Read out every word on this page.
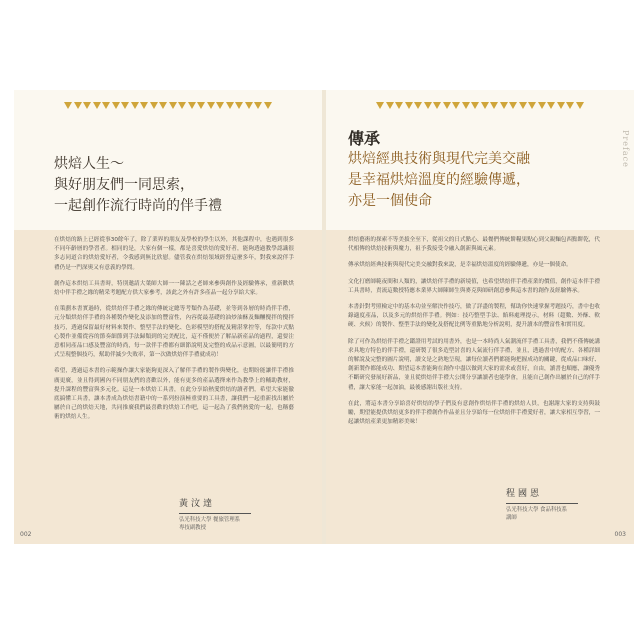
烘焙人生～
與好朋友們一同思索，
一起創作流行時尚的伴手禮

在烘焙的路上已經從事30餘年了，除了業界的朋友及學校的學生以外，其他課程中，也遇到很多不同年齡層的學習者。相同的是，大家有個一樣，都是喜愛烘焙的愛好者，能夠透過教學認識很多志同道合的烘焙愛好者，令我感到無比欣慰。儘管我在烘焙領域經營這麼多年，對我來說伴手禮仍是一門深奧又有意義的學問。

創作這本烘焙工具書時，特別邀請大葉師大師一一陳話之老師來參與創作及經驗傳承，重新歡烘焙中伴手禮之緣的精采考題配方供大家參考，該此之外有許多產品一起分享給大家。

在策劃本書實過時，從烘焙伴手禮之緣的傳統定總等考類作為基礎，並等到各層的時尚伴手禮，元分類烘焙伴手禮的各種製作變化及添加的豐富性，內容從最基礎的油炒油酥及麵糰攪拌的攪拌技巧，透過保留最好材料來製作、整型手法的變化、色彩模型的搭配及精湛掌控等，每款中式點心製作並備從容的節奏細節到手法歸類到的完美配比，這不僅便於了解品新產品的過程，還要注意相同產品口感及豐富的時尚，每一款伴手禮都有細節說明及完整的成品示意圖，以最簡明的方式呈現整個技巧，幫助伴滅少失敗率，第一次做烘焙伴手禮就成功！

希望，透過這本書的示範操作讓大家能夠更深入了解伴手禮的製作與變化，也期盼能讓伴手禮推廣更廣，並且得到國內不同朋友們的喜歡以外，能有更多的產品選擇來作為教學上的輔助教材，提升課程的豐富與多元化。這是一本烘焙工具書，在此分享給熱愛烘焙的讀者們，希望大家能徹底搞懂工具書，讓本書成為烘焙書籍中的一系列扮演極重要的工具書，讓我們一起重新找出屬於屬於自己的烘焙天地，共同推廣我們最喜歡的烘焙工作吧，這一起為了我們熱愛的一起，也稱藝術的烘焙人生。

黃汶達
弘光科技大學 餐旅管理系
專技副教授
002
Preface
傳承
烘焙經典技術與現代完美交融
是幸福烘焙溫度的經驗傳遞，
亦是一個使命

烘焙藝術的探索不等美拔全至下，從祖父的日式點心、最餐們傳統餅糧果點心到父親麵包西點餅乾，代代相傳的烘焙技術與魔力，祖予我接受令融入創新與風元素。

傳承烘焙經典技術與現代完美交融對我來說，是幸福烘焙溫度的經驗傳遞，亦是一個使命。

文化打磨師範夜間和人類的，讓烘焙伴手禮的新境值，也希望烘焙伴手禮產業的價值，創作這本伴手禮工具書時，責流這數授特應本業界大師陳師生與麥克與師研創意參與這本書的創作及經驗傳承。

本書針對考照檢定中的基本功並至解決作技巧，做了詳盡的製程，幫助你快速掌握考題技巧，書中也收錄適度產品，以及多元的烘焙伴手禮。例如：技巧整型手法、餡料處理提示，材料（超數、外酥、軟硬、火候）的製作、整型手法的變化及搭配比例等重點地分析說明，提升讀本的豐富性和實用度。

除了可作為烘焙伴手禮之鑑證用考試的用書外，也是一本時尚人氣潮流伴手禮工具書，我們不僅傳統講求具地方特色的伴手禮，還研製了很多造型討喜的人氣流行伴手禮，並且，透過書中的配方、各種詳細的解說及完整的圖片說明，讀文是之熟地呈現，讓每位讀者們都能夠把握成功的關鍵，從成品口味好、創新製作都能成功、期望這本書能夠在創作中盡以做到大家的需求或喜好，自由，讀書也順應，讓優秀不斷研究發展好新品，並且從烘焙伴手禮大公開分享讓讀者也能學會，且能自己創作出屬於自己的伴手禮，讓大家能一起加油，最後感謝出版社支持。

在此，將這本書分享給喜好烘焙的學子們及有意創作烘焙伴手禮的烘焙人員，也謝謝大家的支持與鼓勵，期望能提供烘焙更多的伴手禮創作作品並且分享給每一位烘焙伴手禮愛好者，讓大家相互學習，一起讓烘焙產業更加精彩美味！

程國恩
弘光科技大學 食品科技系
講師
003
